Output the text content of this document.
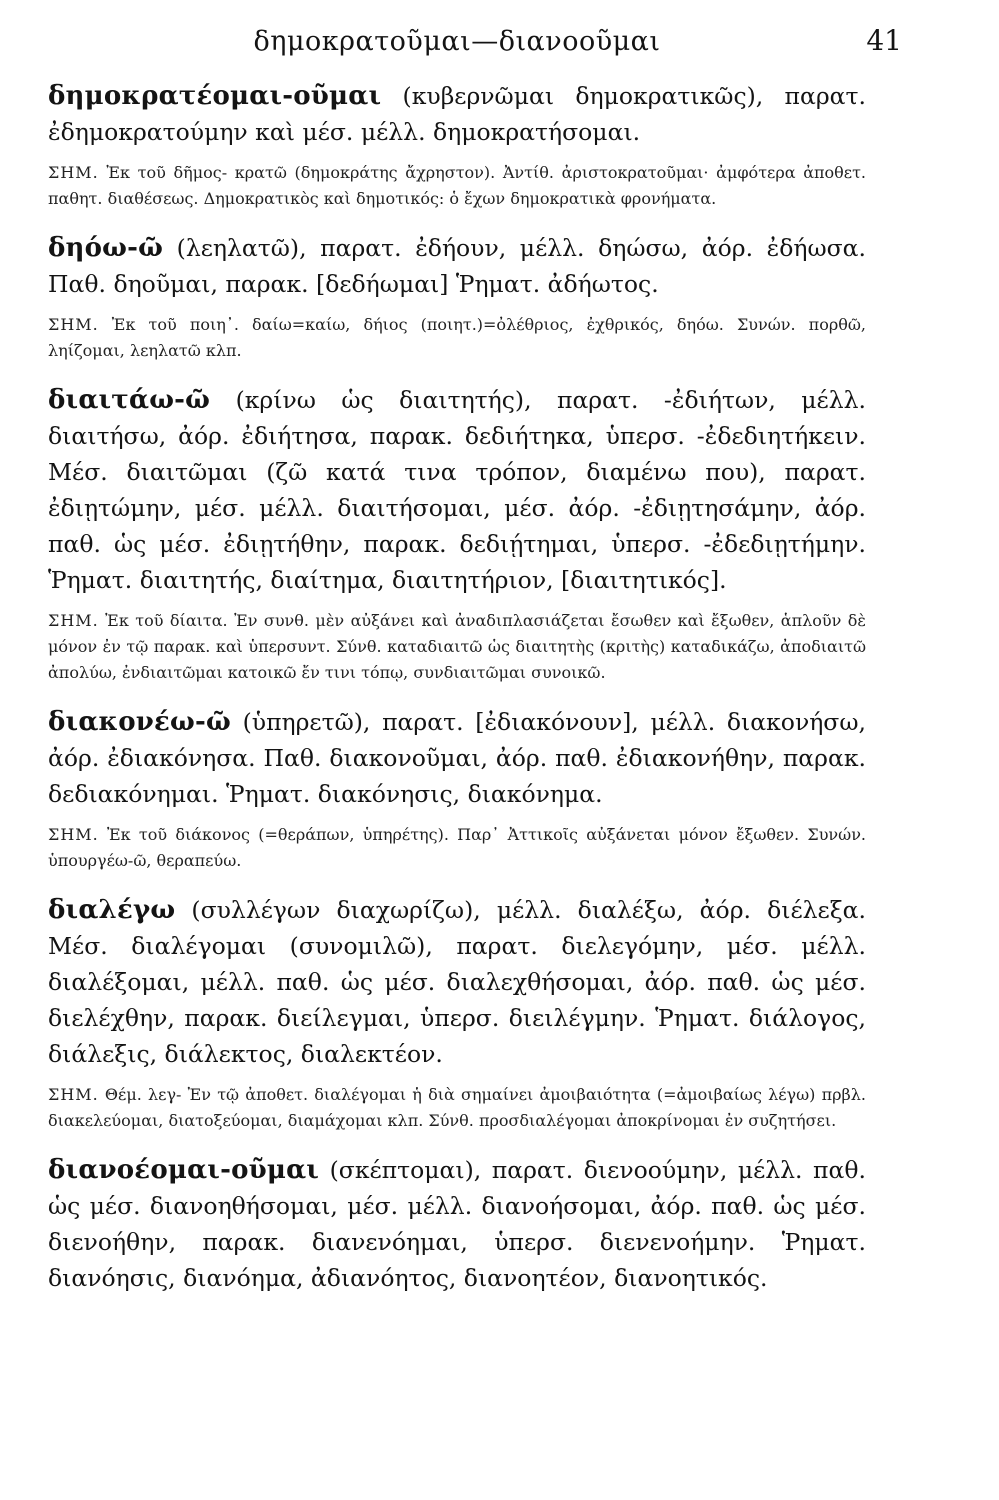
δημοκρατοῦμαι—διανοοῦμαι	41

δημοκρατέομαι-οῦμαι (κυβερνῶμαι δημοκρατικῶς), παρατ. ἐδημοκρατούμην καὶ μέσ. μέλλ. δημοκρατήσομαι.

ΣΗΜ. Ἐκ τοῦ δῆμος- κρατῶ (δημοκράτης ἄχρηστον). Ἀντίθ. ἀριστοκρατοῦμαι· ἀμφότερα ἀποθετ. παθητ. διαθέσεως. Δημοκρατικὸς καὶ δημοτικός: ὁ ἔχων δημοκρατικὰ φρονήματα.

δηόω-ῶ (λεηλατῶ), παρατ. ἐδήουν, μέλλ. δηώσω, ἀόρ. ἐδήωσα. Παθ. δηοῦμαι, παρακ. [δεδήωμαι] Ῥηματ. ἀδήωτος.

ΣΗΜ. Ἐκ τοῦ ποιη᾽. δαίω=καίω, δήιος (ποιητ.)=ὀλέθριος, ἐχθρικός, δηόω. Συνών. πορθῶ, ληίζομαι, λεηλατῶ κλπ.

διαιτάω-ῶ (κρίνω ὡς διαιτητής), παρατ. -ἐδιήτων, μέλλ. διαιτήσω, ἀόρ. ἐδιήτησα, παρακ. δεδιήτηκα, ὑπερσ. -ἐδεδιητήκειν. Μέσ. διαιτῶμαι (ζῶ κατά τινα τρόπον, διαμένω που), παρατ. ἐδιῃτώμην, μέσ. μέλλ. διαιτήσομαι, μέσ. ἀόρ. -ἐδιῃτησάμην, ἀόρ. παθ. ὡς μέσ. ἐδιῃτήθην, παρακ. δεδιῄτημαι, ὑπερσ. -ἐδεδιῃτήμην. Ῥηματ. διαιτητής, διαίτημα, διαιτητήριον, [διαιτητικός].

ΣΗΜ. Ἐκ τοῦ δίαιτα. Ἐν συνθ. μὲν αὐξάνει καὶ ἀναδιπλασιάζεται ἔσωθεν καὶ ἔξωθεν, ἁπλοῦν δὲ μόνον ἐν τῷ παρακ. καὶ ὑπερσυντ. Σύνθ. καταδιαιτῶ ὡς διαιτητὴς (κριτὴς) καταδικάζω, ἀποδιαιτῶ ἀπολύω, ἐνδιαιτῶμαι κατοικῶ ἔν τινι τόπῳ, συνδιαιτῶμαι συνοικῶ.

διακονέω-ῶ (ὑπηρετῶ), παρατ. [ἐδιακόνουν], μέλλ. διακονήσω, ἀόρ. ἐδιακόνησα. Παθ. διακονοῦμαι, ἀόρ. παθ. ἐδιακονήθην, παρακ. δεδιακόνημαι. Ῥηματ. διακόνησις, διακόνημα.

ΣΗΜ. Ἐκ τοῦ διάκονος (=θεράπων, ὑπηρέτης). Παρ᾽ Ἀττικοῖς αὐξάνεται μόνον ἔξωθεν. Συνών. ὑπουργέω-ῶ, θεραπεύω.

διαλέγω (συλλέγων διαχωρίζω), μέλλ. διαλέξω, ἀόρ. διέλεξα. Μέσ. διαλέγομαι (συνομιλῶ), παρατ. διελεγόμην, μέσ. μέλλ. διαλέξομαι, μέλλ. παθ. ὡς μέσ. διαλεχθήσομαι, ἀόρ. παθ. ὡς μέσ. διελέχθην, παρακ. διείλεγμαι, ὑπερσ. διειλέγμην. Ῥηματ. διάλογος, διάλεξις, διάλεκτος, διαλεκτέον.

ΣΗΜ. Θέμ. λεγ- Ἐν τῷ ἀποθετ. διαλέγομαι ἡ διὰ σημαίνει ἀμοιβαιότητα (=ἀμοιβαίως λέγω) πρβλ. διακελεύομαι, διατοξεύομαι, διαμάχομαι κλπ. Σύνθ. προσδιαλέγομαι ἀποκρίνομαι ἐν συζητήσει.

διανοέομαι-οῦμαι (σκέπτομαι), παρατ. διενοούμην, μέλλ. παθ. ὡς μέσ. διανοηθήσομαι, μέσ. μέλλ. διανοήσομαι, ἀόρ. παθ. ὡς μέσ. διενοήθην, παρακ. διανενόημαι, ὑπερσ. διενενοήμην. Ῥηματ. διανόησις, διανόημα, ἀδιανόητος, διανοητέον, διανοητικός.
